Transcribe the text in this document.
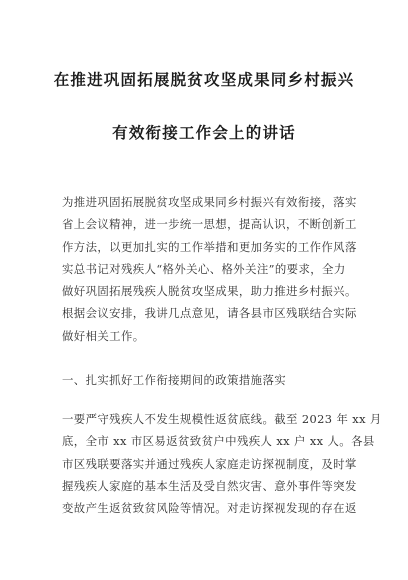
在推进巩固拓展脱贫攻坚成果同乡村振兴
有效衔接工作会上的讲话
为推进巩固拓展脱贫攻坚成果同乡村振兴有效衔接，落实
省上会议精神，进一步统一思想，提高认识，不断创新工
作方法，以更加扎实的工作举措和更加务实的工作作风落
实总书记对残疾人“格外关心、格外关注”的要求，全力
做好巩固拓展残疾人脱贫攻坚成果，助力推进乡村振兴。
根据会议安排，我讲几点意见，请各县市区残联结合实际
做好相关工作。
一、扎实抓好工作衔接期间的政策措施落实
一要严守残疾人不发生规模性返贫底线。截至 2023 年 xx 月
底，全市 xx 市区易返贫致贫户中残疾人 xx 户 xx 人。各县
市区残联要落实并通过残疾人家庭走访探视制度，及时掌
握残疾人家庭的基本生活及受自然灾害、意外事件等突发
变故产生返贫致贫风险等情况。对走访探视发现的存在返
